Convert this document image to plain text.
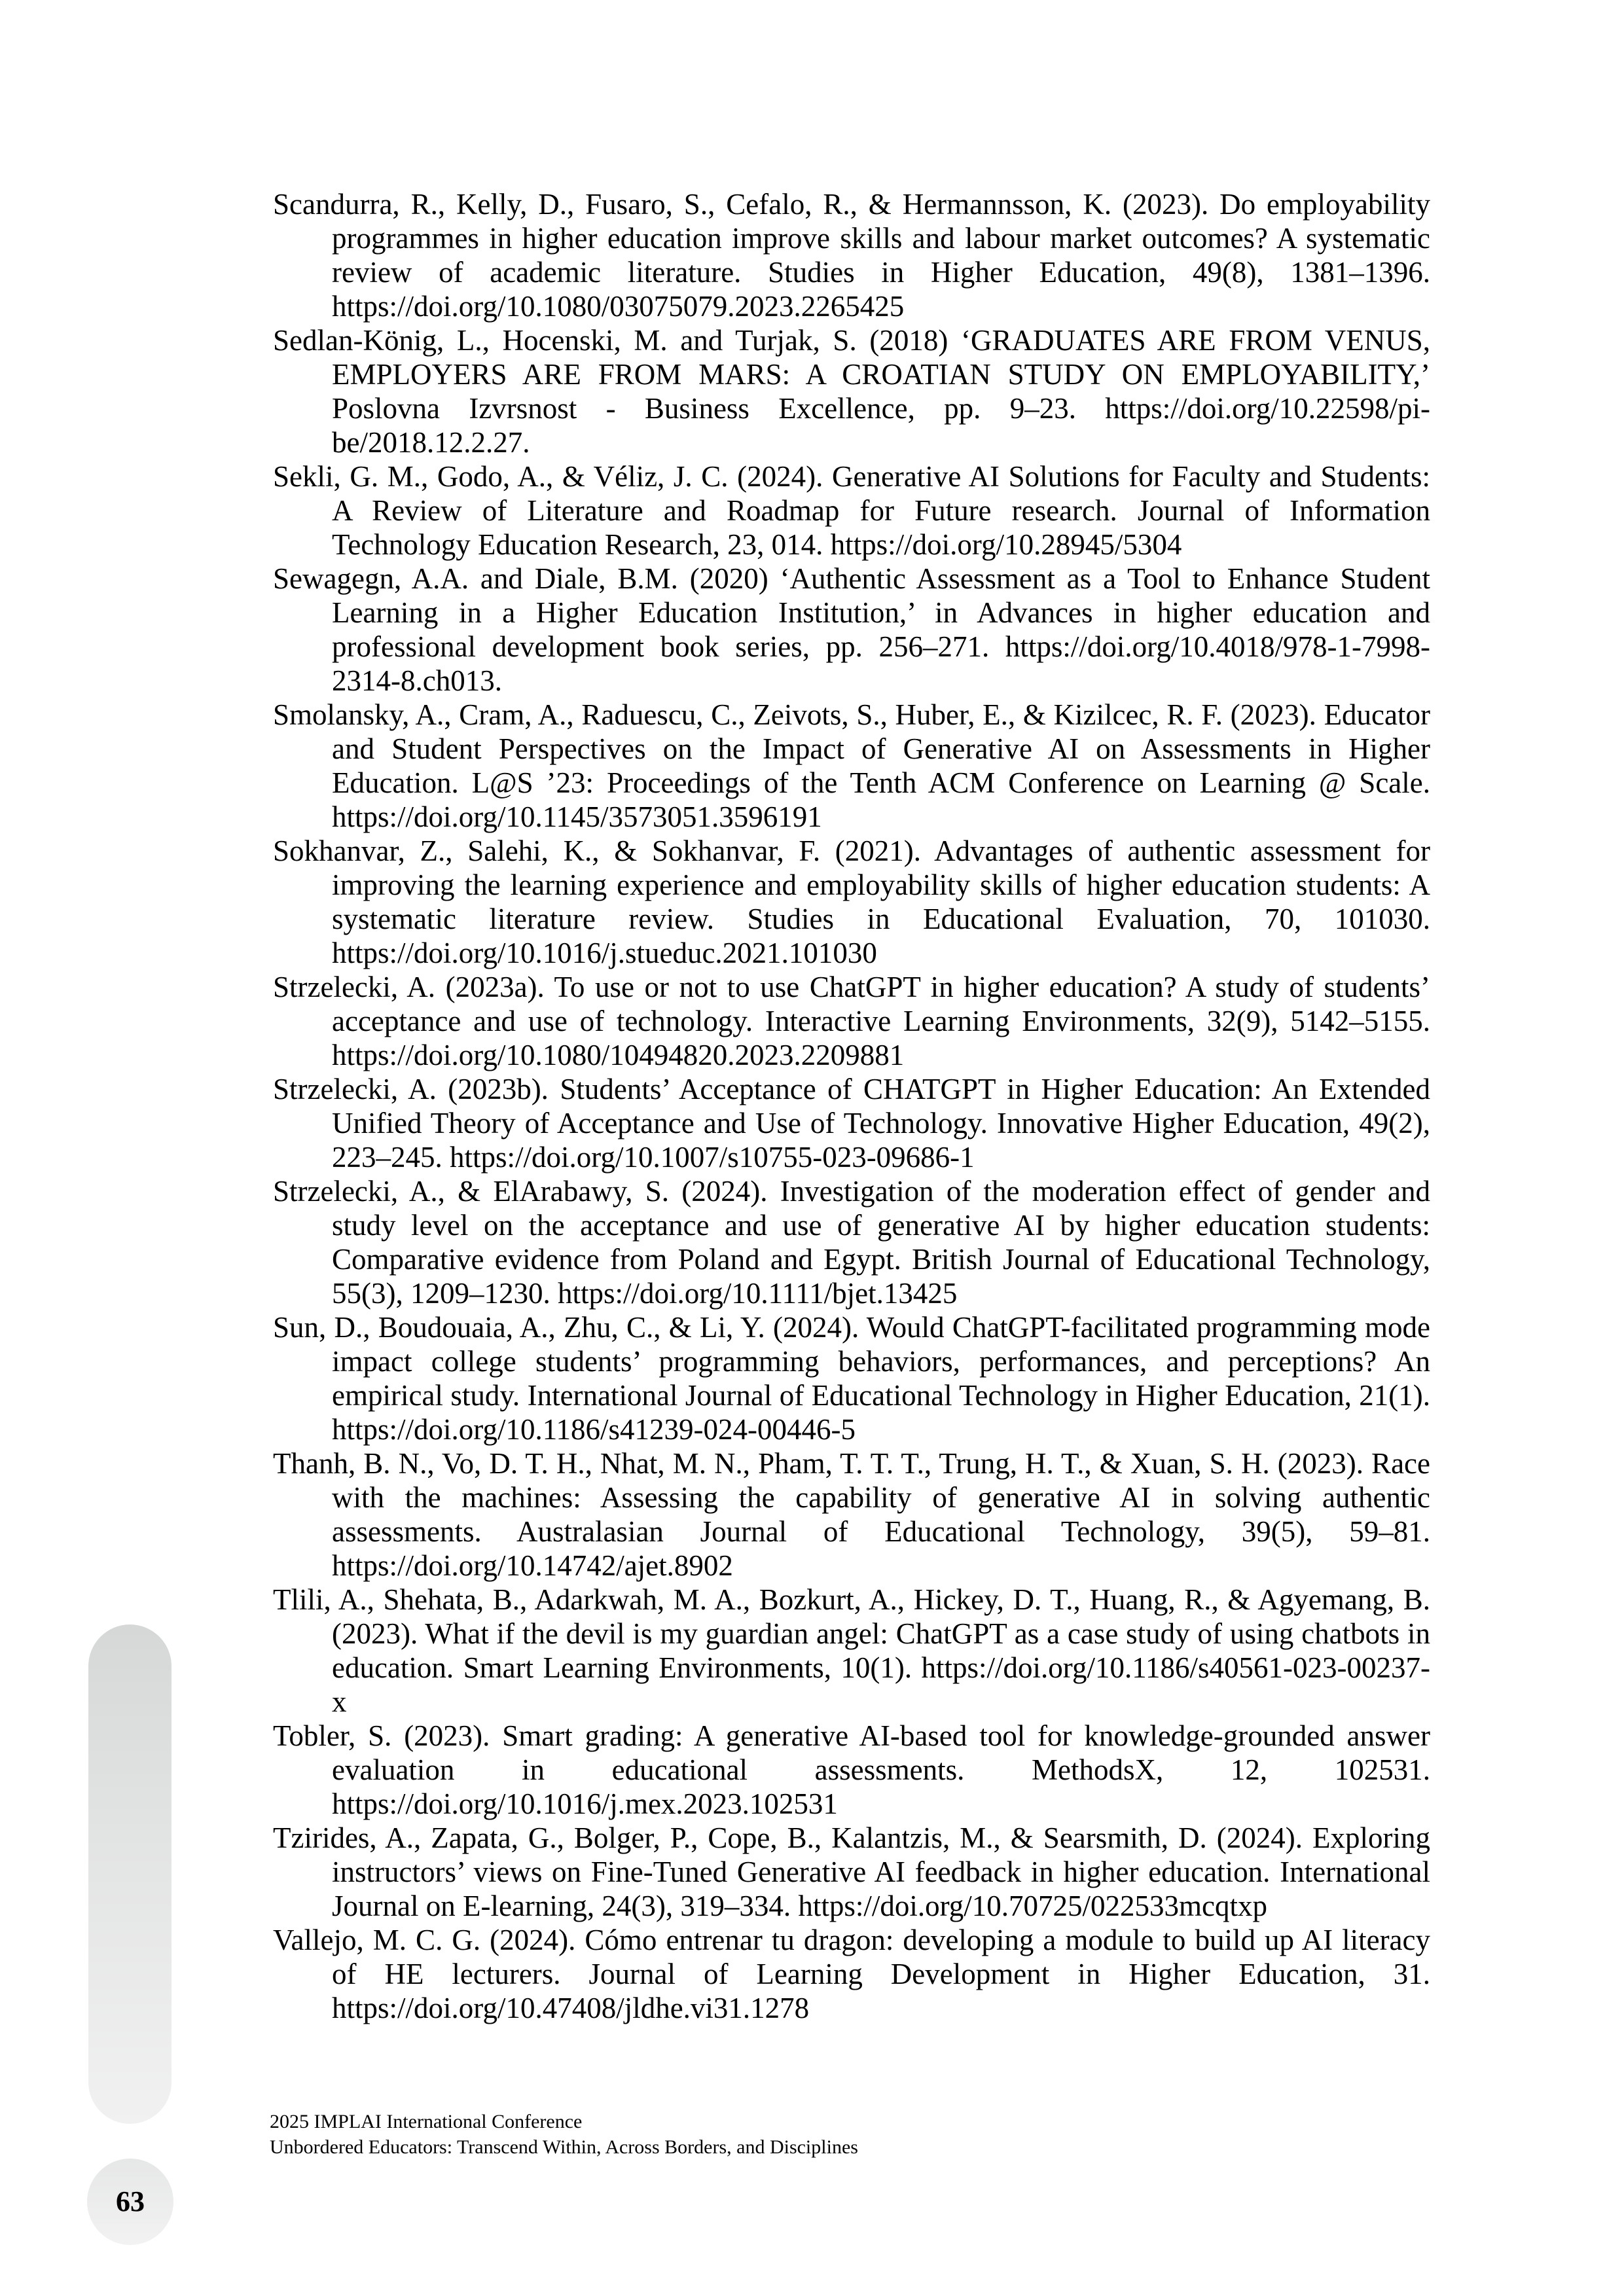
Scandurra, R., Kelly, D., Fusaro, S., Cefalo, R., & Hermannsson, K. (2023). Do employability programmes in higher education improve skills and labour market outcomes? A systematic review of academic literature. Studies in Higher Education, 49(8), 1381–1396. https://doi.org/10.1080/03075079.2023.2265425

Sedlan-König, L., Hocenski, M. and Turjak, S. (2018) ‘GRADUATES ARE FROM VENUS, EMPLOYERS ARE FROM MARS: A CROATIAN STUDY ON EMPLOYABILITY,’ Poslovna Izvrsnost - Business Excellence, pp. 9–23. https://doi.org/10.22598/pi-be/2018.12.2.27.

Sekli, G. M., Godo, A., & Véliz, J. C. (2024). Generative AI Solutions for Faculty and Students: A Review of Literature and Roadmap for Future research. Journal of Information Technology Education Research, 23, 014. https://doi.org/10.28945/5304

Sewagegn, A.A. and Diale, B.M. (2020) ‘Authentic Assessment as a Tool to Enhance Student Learning in a Higher Education Institution,’ in Advances in higher education and professional development book series, pp. 256–271. https://doi.org/10.4018/978-1-7998-2314-8.ch013.

Smolansky, A., Cram, A., Raduescu, C., Zeivots, S., Huber, E., & Kizilcec, R. F. (2023). Educator and Student Perspectives on the Impact of Generative AI on Assessments in Higher Education. L@S ’23: Proceedings of the Tenth ACM Conference on Learning @ Scale. https://doi.org/10.1145/3573051.3596191

Sokhanvar, Z., Salehi, K., & Sokhanvar, F. (2021). Advantages of authentic assessment for improving the learning experience and employability skills of higher education students: A systematic literature review. Studies in Educational Evaluation, 70, 101030. https://doi.org/10.1016/j.stueduc.2021.101030

Strzelecki, A. (2023a). To use or not to use ChatGPT in higher education? A study of students’ acceptance and use of technology. Interactive Learning Environments, 32(9), 5142–5155. https://doi.org/10.1080/10494820.2023.2209881

Strzelecki, A. (2023b). Students’ Acceptance of CHATGPT in Higher Education: An Extended Unified Theory of Acceptance and Use of Technology. Innovative Higher Education, 49(2), 223–245. https://doi.org/10.1007/s10755-023-09686-1

Strzelecki, A., & ElArabawy, S. (2024). Investigation of the moderation effect of gender and study level on the acceptance and use of generative AI by higher education students: Comparative evidence from Poland and Egypt. British Journal of Educational Technology, 55(3), 1209–1230. https://doi.org/10.1111/bjet.13425

Sun, D., Boudouaia, A., Zhu, C., & Li, Y. (2024). Would ChatGPT-facilitated programming mode impact college students’ programming behaviors, performances, and perceptions? An empirical study. International Journal of Educational Technology in Higher Education, 21(1). https://doi.org/10.1186/s41239-024-00446-5

Thanh, B. N., Vo, D. T. H., Nhat, M. N., Pham, T. T. T., Trung, H. T., & Xuan, S. H. (2023). Race with the machines: Assessing the capability of generative AI in solving authentic assessments. Australasian Journal of Educational Technology, 39(5), 59–81. https://doi.org/10.14742/ajet.8902

Tlili, A., Shehata, B., Adarkwah, M. A., Bozkurt, A., Hickey, D. T., Huang, R., & Agyemang, B. (2023). What if the devil is my guardian angel: ChatGPT as a case study of using chatbots in education. Smart Learning Environments, 10(1). https://doi.org/10.1186/s40561-023-00237-x

Tobler, S. (2023). Smart grading: A generative AI-based tool for knowledge-grounded answer evaluation in educational assessments. MethodsX, 12, 102531. https://doi.org/10.1016/j.mex.2023.102531

Tzirides, A., Zapata, G., Bolger, P., Cope, B., Kalantzis, M., & Searsmith, D. (2024). Exploring instructors’ views on Fine-Tuned Generative AI feedback in higher education. International Journal on E-learning, 24(3), 319–334. https://doi.org/10.70725/022533mcqtxp

Vallejo, M. C. G. (2024). Cómo entrenar tu dragon: developing a module to build up AI literacy of HE lecturers. Journal of Learning Development in Higher Education, 31. https://doi.org/10.47408/jldhe.vi31.1278

63
2025 IMPLAI International Conference
Unbordered Educators: Transcend Within, Across Borders, and Disciplines
